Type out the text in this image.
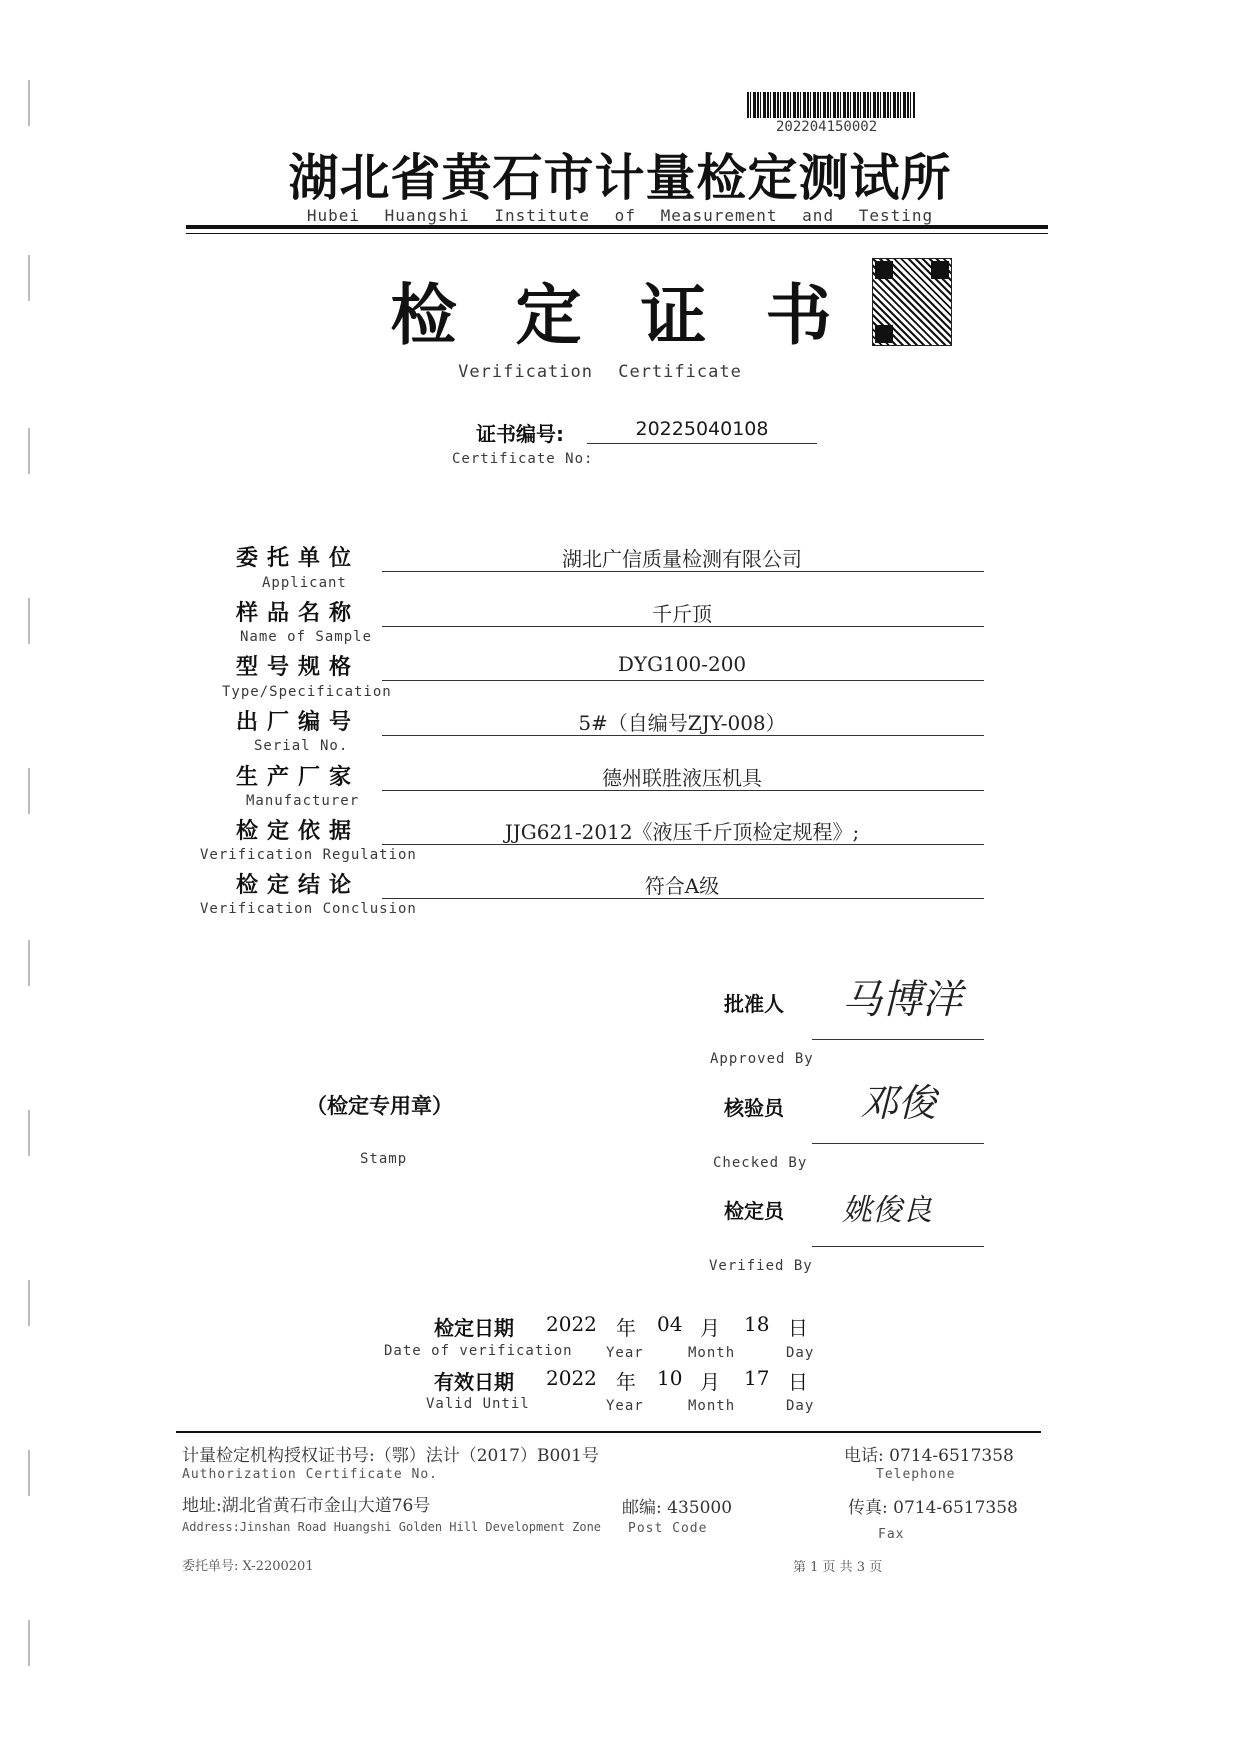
202204150002
湖北省黄石市计量检定测试所
Hubei Huangshi Institute of Measurement and Testing
检 定 证 书
Verification Certificate
证书编号:	20225040108
Certificate No:
委托单位
Applicant
湖北广信质量检测有限公司
样品名称
Name of Sample
千斤顶
型号规格
Type/Specification
DYG100-200
出厂编号
Serial No.
5#（自编号ZJY-008）
生产厂家
Manufacturer
德州联胜液压机具
检定依据
Verification Regulation
JJG621-2012《液压千斤顶检定规程》;
检定结论
Verification Conclusion
符合A级
（检定专用章）
Stamp
批准人 马博洋
Approved By
核验员 邓俊
Checked By
检定员 姚俊良
Verified By
检定日期 2022 年 04 月 18 日
Date of verification Year	Month	Day
有效日期 2022 年 10 月 17 日
Valid Until	Year	Month	Day
计量检定机构授权证书号:（鄂）法计（2017）B001号
Authorization Certificate No.
电话: 0714-6517358
Telephone
地址:湖北省黄石市金山大道76号
Address:Jinshan Road Huangshi Golden Hill Development Zone
邮编: 435000
Post Code
传真: 0714-6517358
Fax
委托单号: X-2200201	第 1 页 共 3 页
